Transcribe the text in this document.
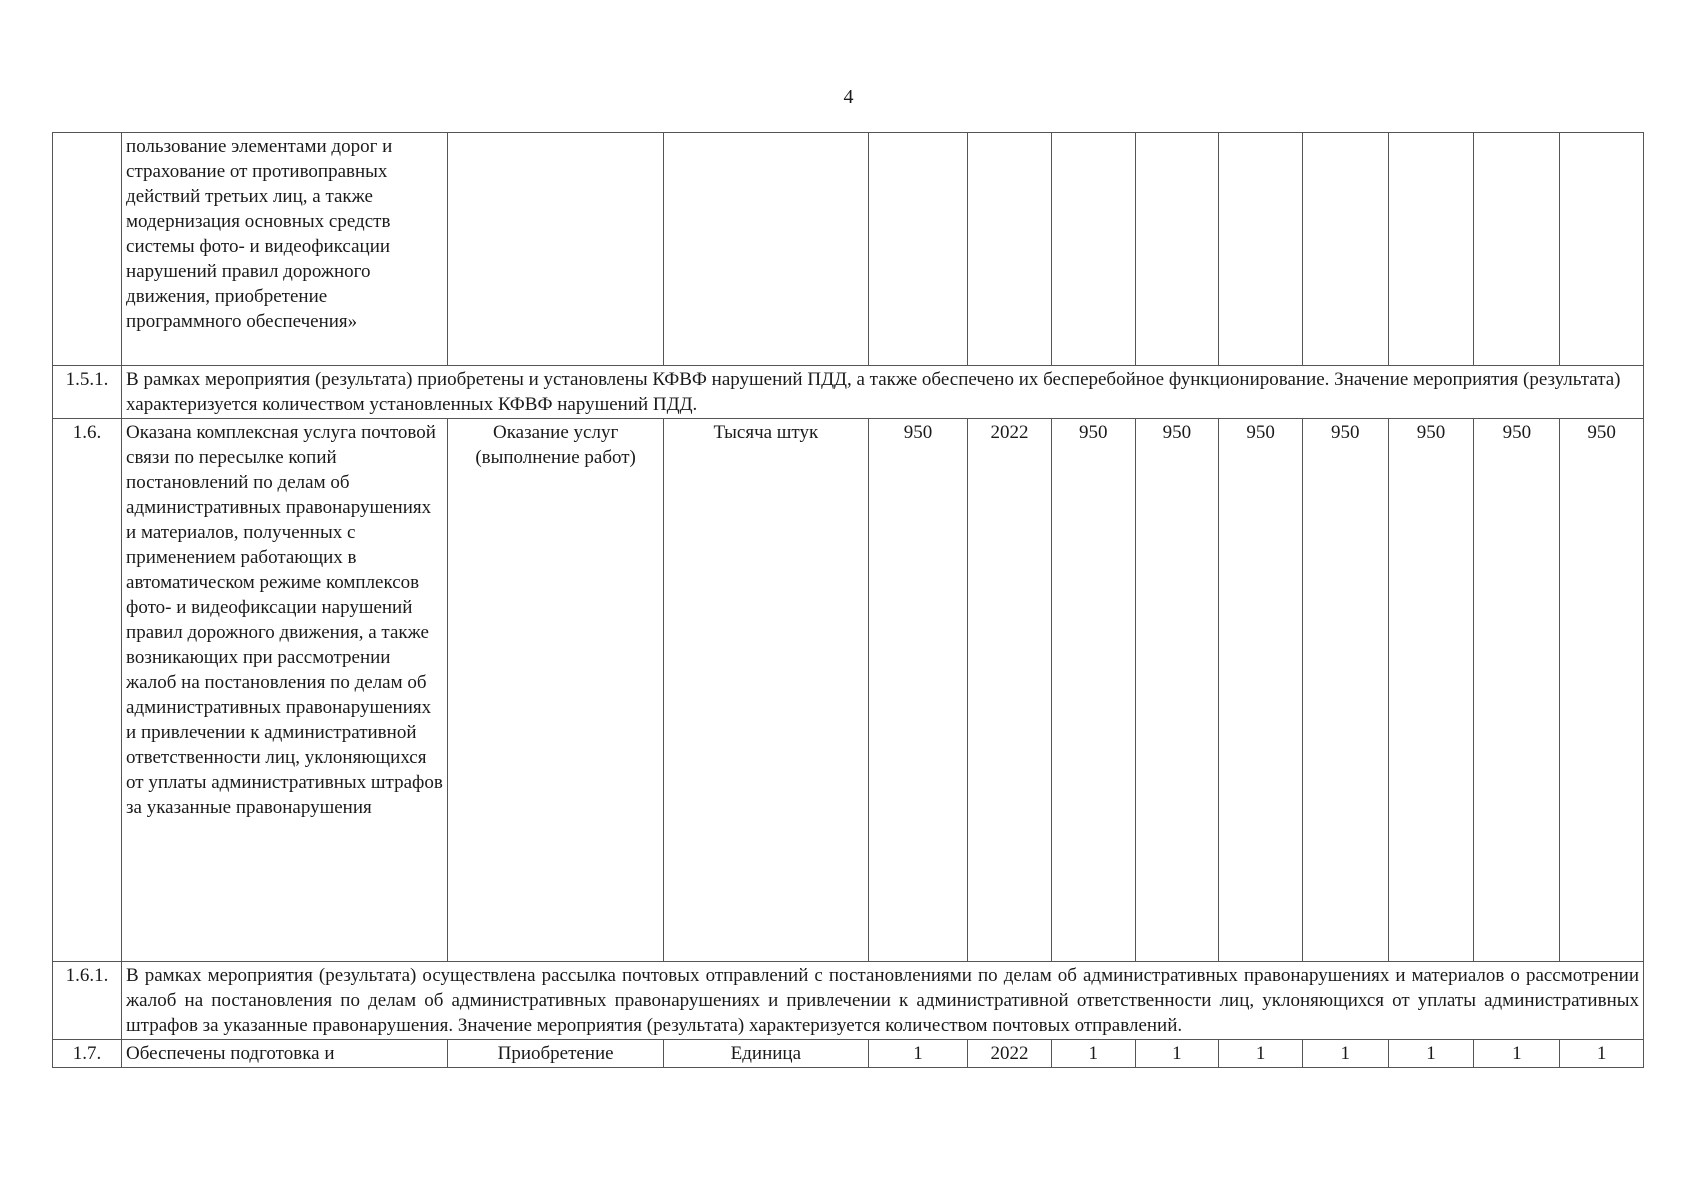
4
	пользование элементами дорог и страхование от противоправных действий третьих лиц, а также модернизация основных средств системы фото- и видеофиксации нарушений правил дорожного движения, приобретение программного обеспечения»											
1.5.1.	В рамках мероприятия (результата) приобретены и установлены КФВФ нарушений ПДД, а также обеспечено их бесперебойное функционирование. Значение мероприятия (результата) характеризуется количеством установленных КФВФ нарушений ПДД.											
1.6.	Оказана комплексная услуга почтовой связи по пересылке копий постановлений по делам об административных правонарушениях и материалов, полученных с применением работающих в автоматическом режиме комплексов фото- и видеофиксации нарушений правил дорожного движения, а также возникающих при рассмотрении жалоб на постановления по делам об административных правонарушениях и привлечении к административной ответственности лиц, уклоняющихся от уплаты административных штрафов за указанные правонарушения	Оказание услуг (выполнение работ)	Тысяча штук	950	2022	950	950	950	950	950	950	950
1.6.1.	В рамках мероприятия (результата) осуществлена рассылка почтовых отправлений с постановлениями по делам об административных правонарушениях и материалов о рассмотрении жалоб на постановления по делам об административных правонарушениях и привлечении к административной ответственности лиц, уклоняющихся от уплаты административных штрафов за указанные правонарушения. Значение мероприятия (результата) характеризуется количеством почтовых отправлений.											
1.7.	Обеспечены подготовка и	Приобретение	Единица	1	2022	1	1	1	1	1	1	1
